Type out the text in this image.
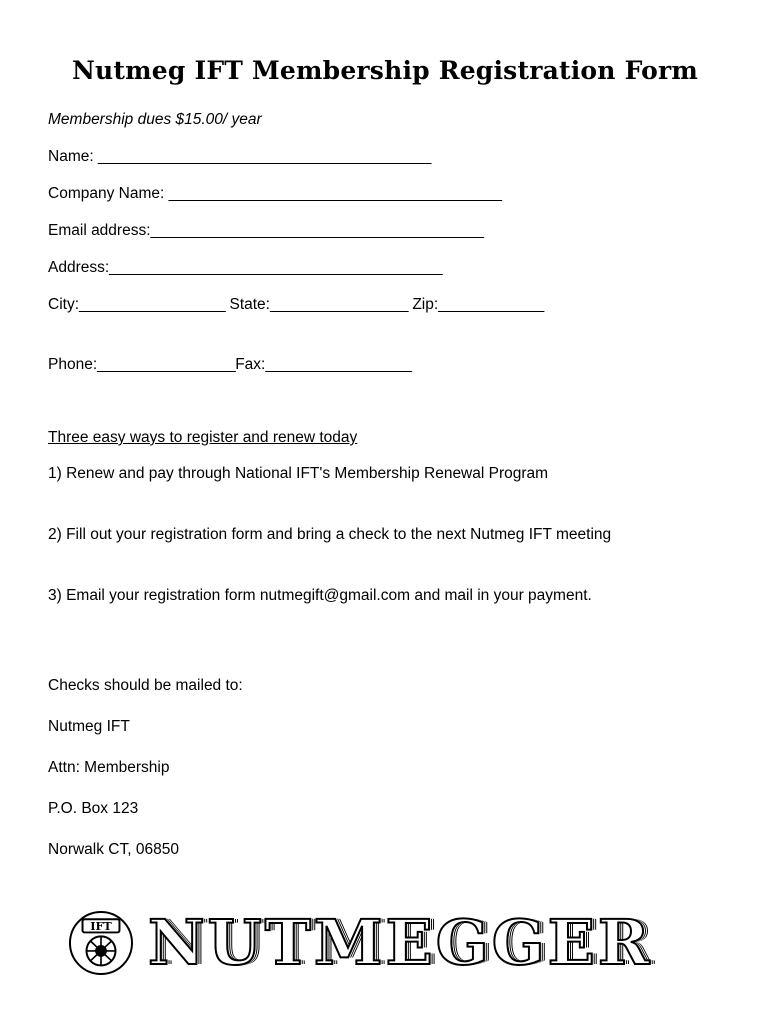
Nutmeg IFT Membership Registration Form
Membership dues $15.00/ year
Name: _________________________________________
Company Name: _________________________________________
Email address:_________________________________________
Address:_________________________________________
City:__________________ State:_________________ Zip:_____________
Phone:_________________Fax:__________________
Three easy ways to register and renew today
1) Renew and pay through National IFT's Membership Renewal Program
2) Fill out your registration form and bring a check to the next Nutmeg IFT meeting
3) Email your registration form nutmegift@gmail.com and mail in your payment.
Checks should be mailed to:
Nutmeg IFT
Attn: Membership
P.O. Box 123
Norwalk CT, 06850
IFT NUTMEGGER
